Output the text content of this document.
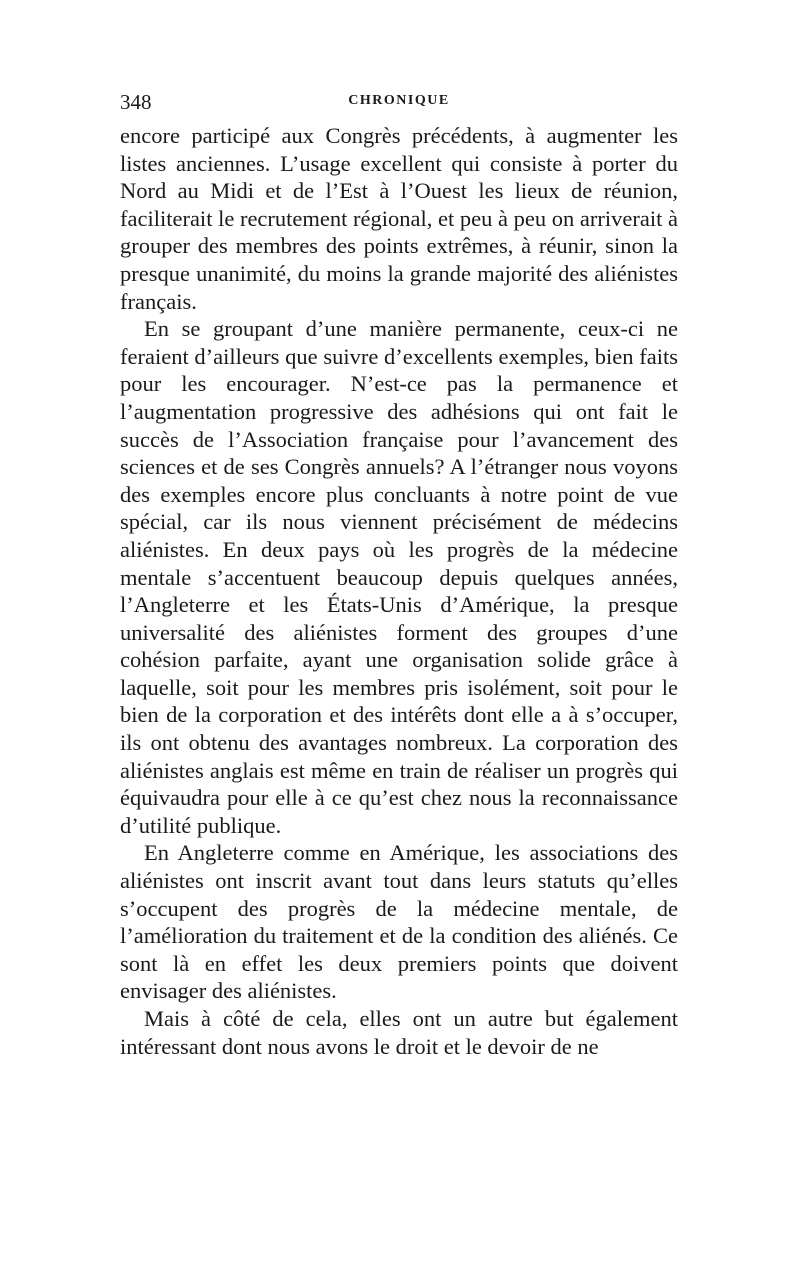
348	CHRONIQUE

encore participé aux Congrès précédents, à augmenter les listes anciennes. L’usage excellent qui consiste à porter du Nord au Midi et de l’Est à l’Ouest les lieux de réunion, faciliterait le recrutement régional, et peu à peu on arriverait à grouper des membres des points extrêmes, à réunir, sinon la presque unanimité, du moins la grande majorité des aliénistes français.

En se groupant d’une manière permanente, ceux-ci ne feraient d’ailleurs que suivre d’excellents exemples, bien faits pour les encourager. N’est-ce pas la permanence et l’augmentation progressive des adhésions qui ont fait le succès de l’Association française pour l’avancement des sciences et de ses Congrès annuels? A l’étranger nous voyons des exemples encore plus concluants à notre point de vue spécial, car ils nous viennent précisément de médecins aliénistes. En deux pays où les progrès de la médecine mentale s’accentuent beaucoup depuis quelques années, l’Angleterre et les États-Unis d’Amérique, la presque universalité des aliénistes forment des groupes d’une cohésion parfaite, ayant une organisation solide grâce à laquelle, soit pour les membres pris isolément, soit pour le bien de la corporation et des intérêts dont elle a à s’occuper, ils ont obtenu des avantages nombreux. La corporation des aliénistes anglais est même en train de réaliser un progrès qui équivaudra pour elle à ce qu’est chez nous la reconnaissance d’utilité publique.

En Angleterre comme en Amérique, les associations des aliénistes ont inscrit avant tout dans leurs statuts qu’elles s’occupent des progrès de la médecine mentale, de l’amélioration du traitement et de la condition des aliénés. Ce sont là en effet les deux premiers points que doivent envisager des aliénistes.

Mais à côté de cela, elles ont un autre but également intéressant dont nous avons le droit et le devoir de ne
